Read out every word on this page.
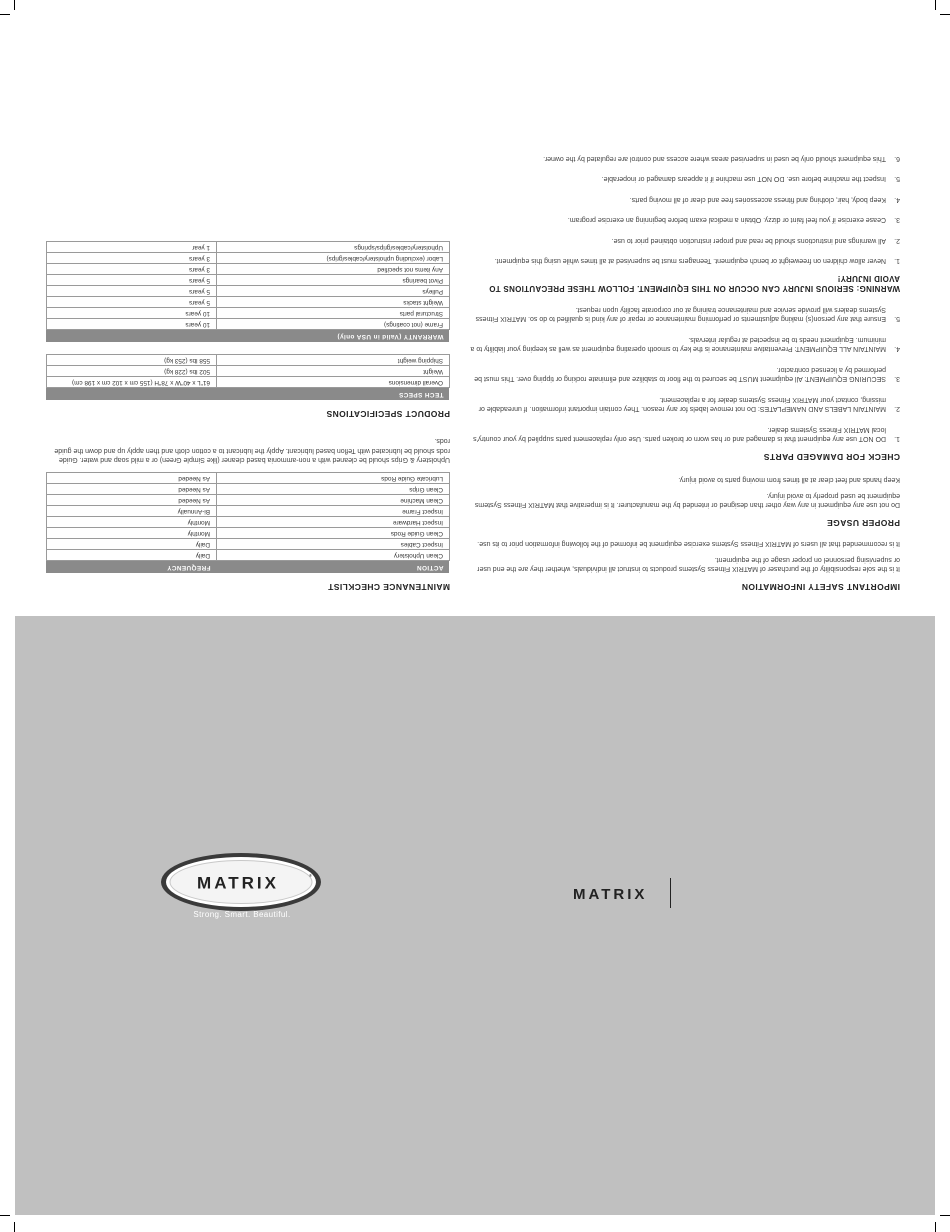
IMPORTANT SAFETY INFORMATION
It is the sole responsibility of the purchaser of MATRIX Fitness Systems products to instruct all individuals, whether they are the end user or supervising personnel on proper usage of the equipment.
It is recommended that all users of MATRIX Fitness Systems exercise equipment be informed of the following information prior to its use.
PROPER USAGE
Do not use any equipment in any way other than designed or intended by the manufacturer. It is imperative that MATRIX Fitness Systems equipment be used properly to avoid injury.
Keep hands and feet clear at all times from moving parts to avoid injury.
CHECK FOR DAMAGED PARTS
1.
DO NOT use any equipment that is damaged and or has worn or broken parts. Use only replacement parts supplied by your country's local MATRIX Fitness Systems dealer.
2.
MAINTAIN LABELS AND NAMEPLATES: Do not remove labels for any reason. They contain important information. If unreadable or missing, contact your MATRIX Fitness Systems dealer for a replacement.
3.
SECURING EQUIPMENT: All equipment MUST be secured to the floor to stabilize and eliminate rocking or tipping over. This must be performed by a licensed contractor.
4.
MAINTAIN ALL EQUIPMENT: Preventative maintenance is the key to smooth operating equipment as well as keeping your liability to a minimum. Equipment needs to be inspected at regular intervals.
5.
Ensure that any person(s) making adjustments or performing maintenance or repair of any kind is qualified to do so. MATRIX Fitness Systems dealers will provide service and maintenance training at our corporate facility upon request.
WARNING: SERIOUS INJURY CAN OCCUR ON THIS EQUIPMENT. FOLLOW THESE PRECAUTIONS TO AVOID INJURY!
1.
Never allow children on freeweight or bench equipment. Teenagers must be supervised at all times while using this equipment.
2.
All warnings and instructions should be read and proper instruction obtained prior to use.
3.
Cease exercise if you feel faint or dizzy. Obtain a medical exam before beginning an exercise program.
4.
Keep body, hair, clothing and fitness accessories free and clear of all moving parts.
5.
Inspect the machine before use. DO NOT use machine if it appears damaged or inoperable.
6.
This equipment should only be used in supervised areas where access and control are regulated by the owner.
MAINTENANCE CHECKLIST
ACTION	FREQUENCY
Clean Upholstery	Daily
Inspect Cables	Daily
Clean Guide Rods	Monthly
Inspect Hardware	Monthly
Inspect Frame	Bi-Annually
Clean Machine	As Needed
Clean Grips	As Needed
Lubricate Guide Rods	As Needed
Upholstery & Grips should be cleaned with a non-ammonia based cleaner (like Simple Green) or a mild soap and water. Guide rods should be lubricated with Teflon based lubricant. Apply the lubricant to a cotton cloth and then apply up and down the guide rods.
PRODUCT SPECIFICATIONS
TECH SPECS	
Overall dimensions	61"L x 40"W x 78"H (155 cm x 102 cm x 198 cm)
Weight	502 lbs (228 kg)
Shipping weight	558 lbs (253 kg)
WARRANTY (Valid in USA only)	
Frame (not coatings)	10 years
Structural parts	10 years
Weight stacks	5 years
Pulleys	5 years
Pivot bearings	5 years
Any items not specified	3 years
Labor (excluding upholstery/cables/grips)	3 years
Upholstery/cables/grips/springs	1 year
MATRIX	®
Strong. Smart. Beautiful.
MATRIX
